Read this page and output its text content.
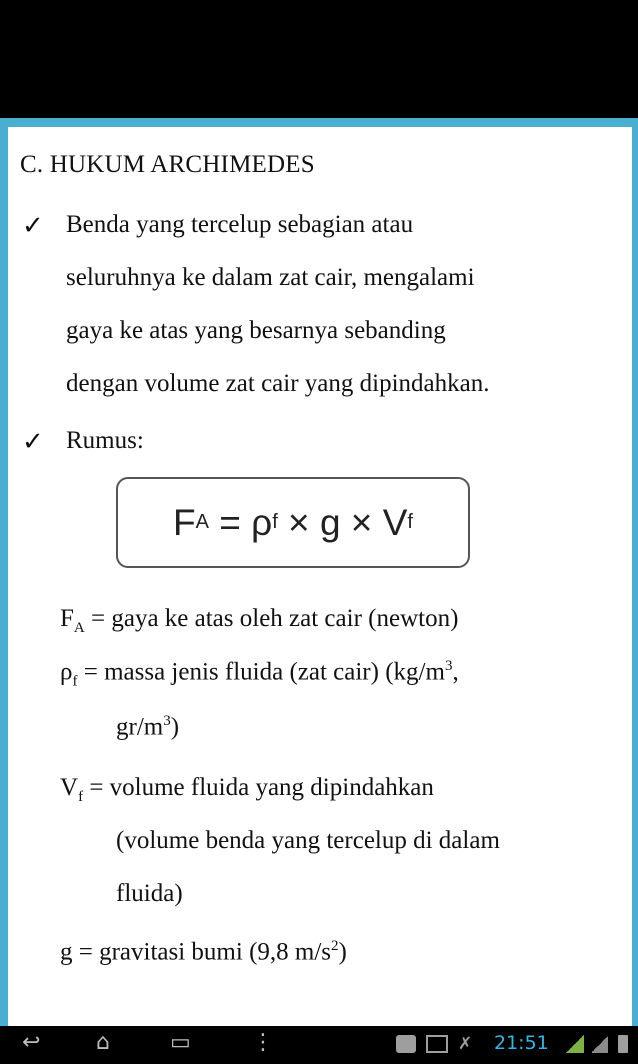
C. HUKUM ARCHIMEDES
✓ Benda yang tercelup sebagian atau
seluruhnya ke dalam zat cair, mengalami
gaya ke atas yang besarnya sebanding
dengan volume zat cair yang dipindahkan.
✓ Rumus:
F A = ρ f × g × V f
$F_A$ = gaya ke atas oleh zat cair (newton)
$\rho_f$ = massa jenis fluida (zat cair) ($kg/m^3$,
$gr/m^3$)
$V_f$ = volume fluida yang dipindahkan
(volume benda yang tercelup di dalam
fluida)
g = gravitasi bumi (9,8 $m/s^2$)
↩	⌂	▭	⋮	✗ 21:51
